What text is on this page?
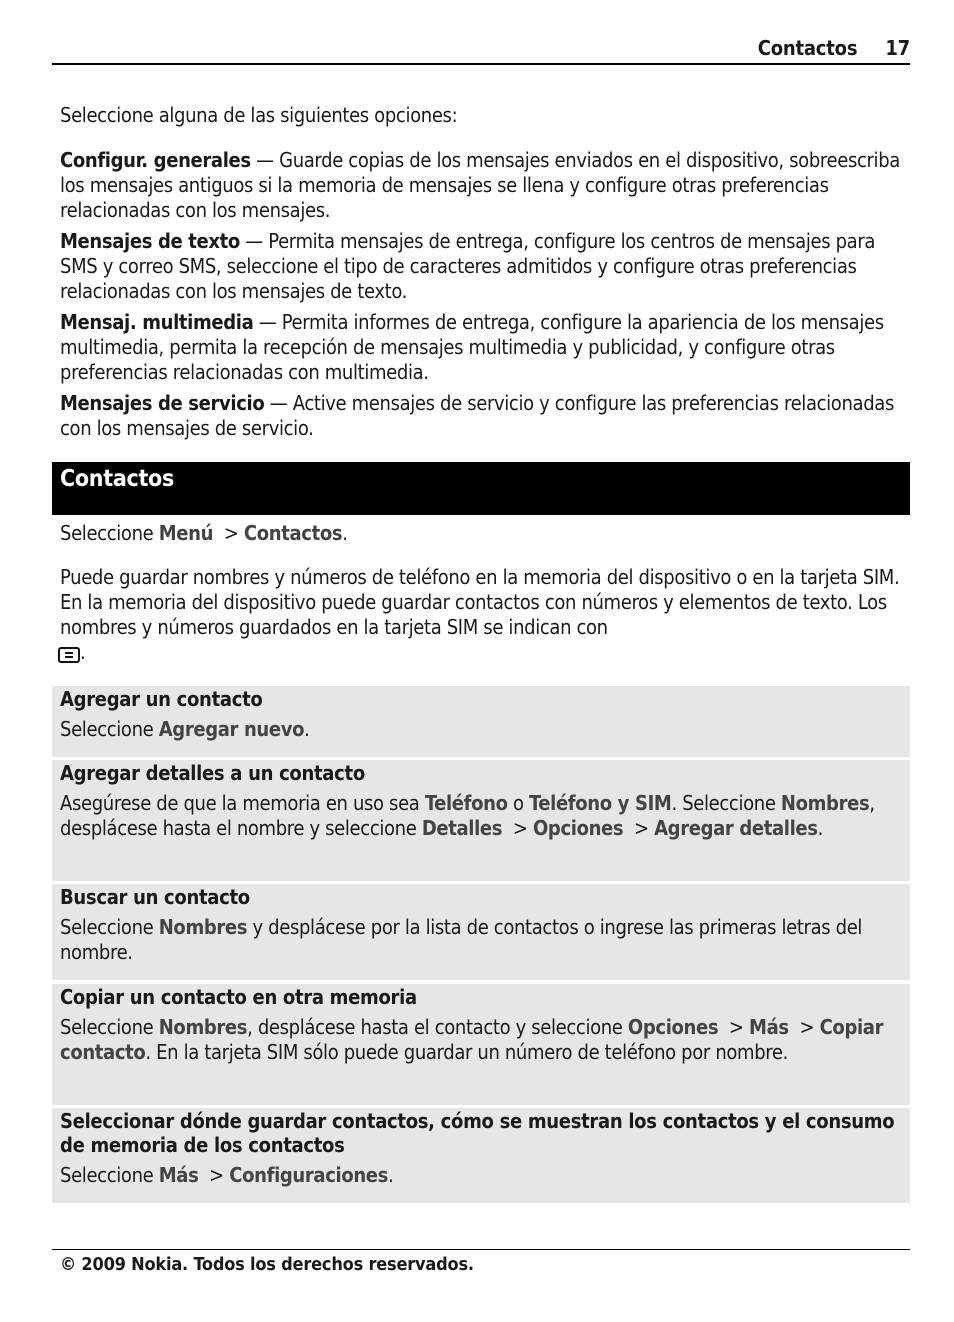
Contactos 17
Seleccione alguna de las siguientes opciones:

Configur. generales — Guarde copias de los mensajes enviados en el dispositivo, sobreescriba los mensajes antiguos si la memoria de mensajes se llena y configure otras preferencias relacionadas con los mensajes.

Mensajes de texto — Permita mensajes de entrega, configure los centros de mensajes para SMS y correo SMS, seleccione el tipo de caracteres admitidos y configure otras preferencias relacionadas con los mensajes de texto.

Mensaj. multimedia — Permita informes de entrega, configure la apariencia de los mensajes multimedia, permita la recepción de mensajes multimedia y publicidad, y configure otras preferencias relacionadas con multimedia.

Mensajes de servicio — Active mensajes de servicio y configure las preferencias relacionadas con los mensajes de servicio.

Contactos
Seleccione Menú  > Contactos.
Puede guardar nombres y números de teléfono en la memoria del dispositivo o en la tarjeta SIM. En la memoria del dispositivo puede guardar contactos con números y elementos de texto. Los nombres y números guardados en la tarjeta SIM se indican con
.
Agregar un contacto
Seleccione Agregar nuevo.
Agregar detalles a un contacto
Asegúrese de que la memoria en uso sea Teléfono o Teléfono y SIM. Seleccione Nombres, desplácese hasta el nombre y seleccione Detalles  > Opciones  > Agregar detalles.
Buscar un contacto
Seleccione Nombres y desplácese por la lista de contactos o ingrese las primeras letras del nombre.
Copiar un contacto en otra memoria
Seleccione Nombres, desplácese hasta el contacto y seleccione Opciones  > Más  > Copiar contacto. En la tarjeta SIM sólo puede guardar un número de teléfono por nombre.
Seleccionar dónde guardar contactos, cómo se muestran los contactos y el consumo de memoria de los contactos
Seleccione Más  > Configuraciones.
© 2009 Nokia. Todos los derechos reservados.
